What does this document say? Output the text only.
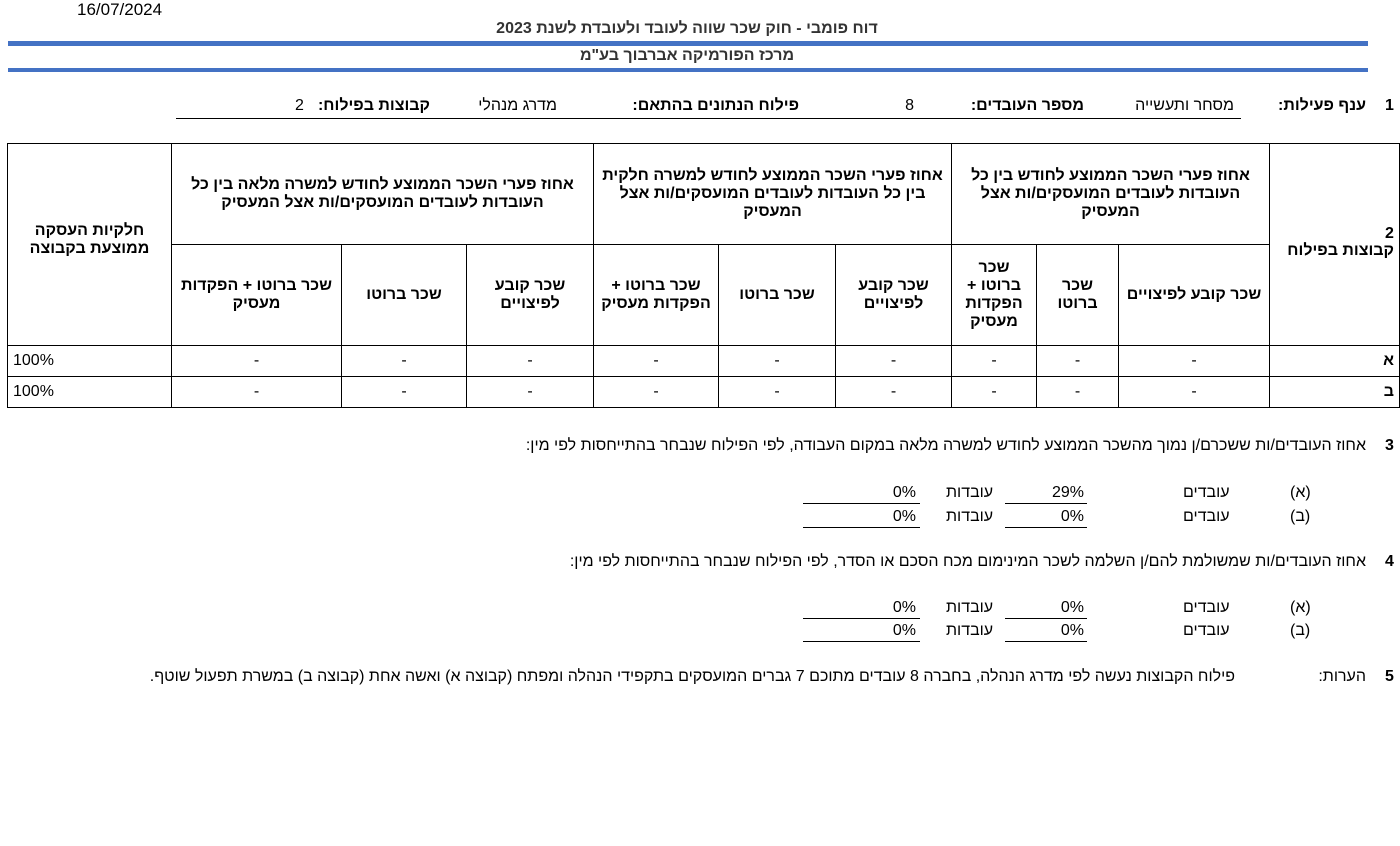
16/07/2024
דוח פומבי - חוק שכר שווה לעובד ולעובדת לשנת 2023
מרכז הפורמיקה אברבוך בע"מ
1
ענף פעילות:
מסחר ותעשייה
מספר העובדים:
8
פילוח הנתונים בהתאם:
מדרג מנהלי
קבוצות בפילוח:
2
2
קבוצות בפילוח	אחוז פערי השכר הממוצע לחודש בין כל העובדות לעובדים המועסקים/ות אצל המעסיק			אחוז פערי השכר הממוצע לחודש למשרה חלקית בין כל העובדות לעובדים המועסקים/ות אצל המעסיק			אחוז פערי השכר הממוצע לחודש למשרה מלאה בין כל העובדות לעובדים המועסקים/ות אצל המעסיק			חלקיות העסקה ממוצעת בקבוצה
	שכר קובע לפיצויים	שכר ברוטו	שכר ברוטו + הפקדות מעסיק	שכר קובע לפיצויים	שכר ברוטו	שכר ברוטו + הפקדות מעסיק	שכר קובע לפיצויים	שכר ברוטו	שכר ברוטו + הפקדות מעסיק	
א	-	-	-	-	-	-	-	-	-	100%
ב	-	-	-	-	-	-	-	-	-	100%
3
אחוז העובדים/ות ששכרם/ן נמוך מהשכר הממוצע לחודש למשרה מלאה במקום העבודה, לפי הפילוח שנבחר בהתייחסות לפי מין:
(א)
עובדים
29%
עובדות
0%
(ב)
עובדים
0%
עובדות
0%
4
אחוז העובדים/ות שמשולמת להם/ן השלמה לשכר המינימום מכח הסכם או הסדר, לפי הפילוח שנבחר בהתייחסות לפי מין:
(א)
עובדים
0%
עובדות
0%
(ב)
עובדים
0%
עובדות
0%
5
הערות:
פילוח הקבוצות נעשה לפי מדרג הנהלה, בחברה 8 עובדים מתוכם 7 גברים המועסקים בתקפידי הנהלה ומפתח (קבוצה א) ואשה אחת (קבוצה ב) במשרת תפעול שוטף.
